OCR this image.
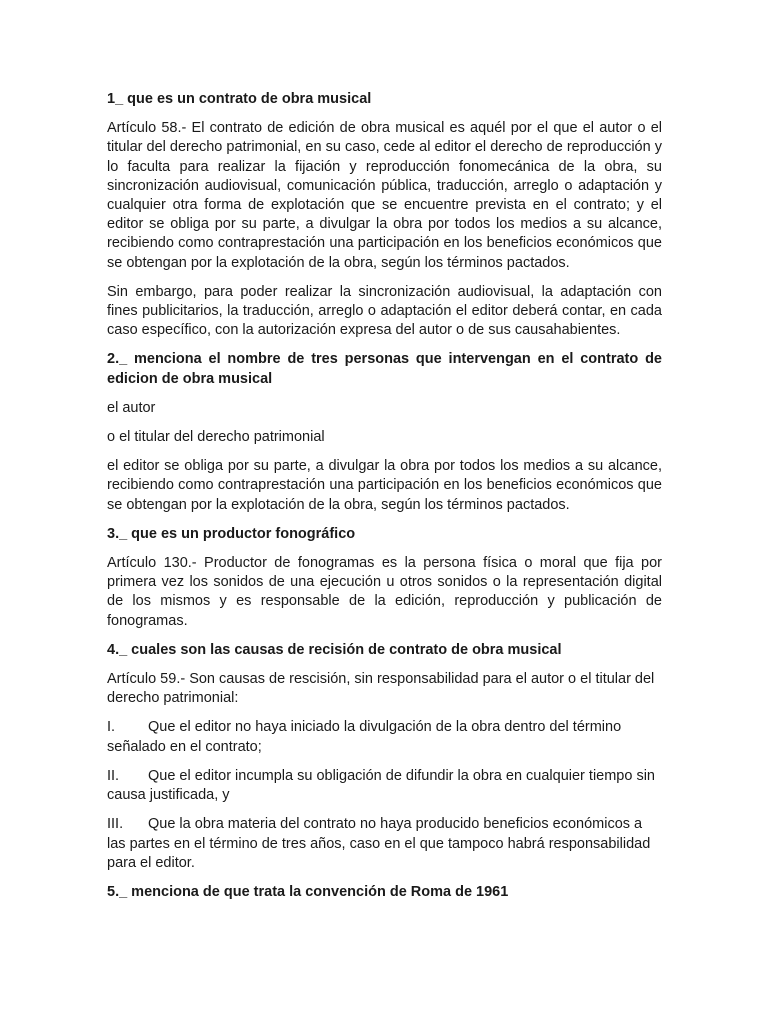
1_ que es un contrato de obra musical

Artículo 58.- El contrato de edición de obra musical es aquél por el que el autor o el titular del derecho patrimonial, en su caso, cede al editor el derecho de reproducción y lo faculta para realizar la fijación y reproducción fonomecánica de la obra, su sincronización audiovisual, comunicación pública, traducción, arreglo o adaptación y cualquier otra forma de explotación que se encuentre prevista en el contrato; y el editor se obliga por su parte, a divulgar la obra por todos los medios a su alcance, recibiendo como contraprestación una participación en los beneficios económicos que se obtengan por la explotación de la obra, según los términos pactados.

Sin embargo, para poder realizar la sincronización audiovisual, la adaptación con fines publicitarios, la traducción, arreglo o adaptación el editor deberá contar, en cada caso específico, con la autorización expresa del autor o de sus causahabientes.

2._ menciona el nombre de tres personas que intervengan en el contrato de edicion de obra musical

el autor

o el titular del derecho patrimonial

el editor se obliga por su parte, a divulgar la obra por todos los medios a su alcance, recibiendo como contraprestación una participación en los beneficios económicos que se obtengan por la explotación de la obra, según los términos pactados.

3._ que es un productor fonográfico

Artículo 130.- Productor de fonogramas es la persona física o moral que fija por primera vez los sonidos de una ejecución u otros sonidos o la representación digital de los mismos y es responsable de la edición, reproducción y publicación de fonogramas.

4._ cuales son las causas de recisión de contrato de obra musical

Artículo 59.- Son causas de rescisión, sin responsabilidad para el autor o el titular del derecho patrimonial:

I. Que el editor no haya iniciado la divulgación de la obra dentro del término señalado en el contrato;

II. Que el editor incumpla su obligación de difundir la obra en cualquier tiempo sin causa justificada, y

III. Que la obra materia del contrato no haya producido beneficios económicos a las partes en el término de tres años, caso en el que tampoco habrá responsabilidad para el editor.

5._ menciona de que trata la convención de Roma de 1961
